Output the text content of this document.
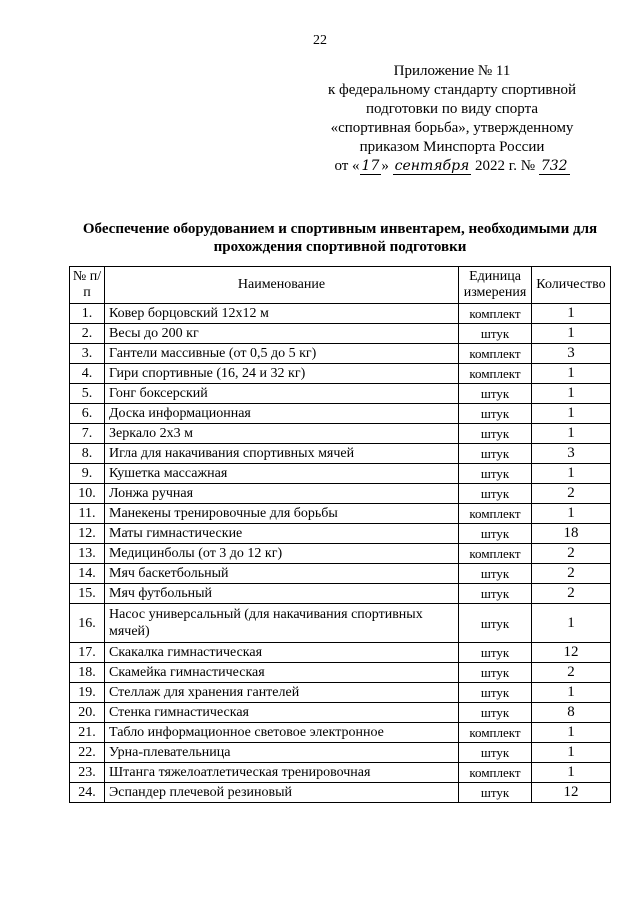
22
Приложение № 11
к федеральному стандарту спортивной
подготовки по виду спорта
«спортивная борьба», утвержденному
приказом Минспорта России
от « 17 » сентября 2022 г. № 732
Обеспечение оборудованием и спортивным инвентарем, необходимыми для прохождения спортивной подготовки
№ п/п	Наименование	Единица измерения	Количество
1.	Ковер борцовский 12х12 м	комплект	1
2.	Весы до 200 кг	штук	1
3.	Гантели массивные (от 0,5 до 5 кг)	комплект	3
4.	Гири спортивные (16, 24 и 32 кг)	комплект	1
5.	Гонг боксерский	штук	1
6.	Доска информационная	штук	1
7.	Зеркало 2х3 м	штук	1
8.	Игла для накачивания спортивных мячей	штук	3
9.	Кушетка массажная	штук	1
10.	Лонжа ручная	штук	2
11.	Манекены тренировочные для борьбы	комплект	1
12.	Маты гимнастические	штук	18
13.	Медицинболы (от 3 до 12 кг)	комплект	2
14.	Мяч баскетбольный	штук	2
15.	Мяч футбольный	штук	2
16.	Насос универсальный (для накачивания спортивных мячей)	штук	1
17.	Скакалка гимнастическая	штук	12
18.	Скамейка гимнастическая	штук	2
19.	Стеллаж для хранения гантелей	штук	1
20.	Стенка гимнастическая	штук	8
21.	Табло информационное световое электронное	комплект	1
22.	Урна-плевательница	штук	1
23.	Штанга тяжелоатлетическая тренировочная	комплект	1
24.	Эспандер плечевой резиновый	штук	12
